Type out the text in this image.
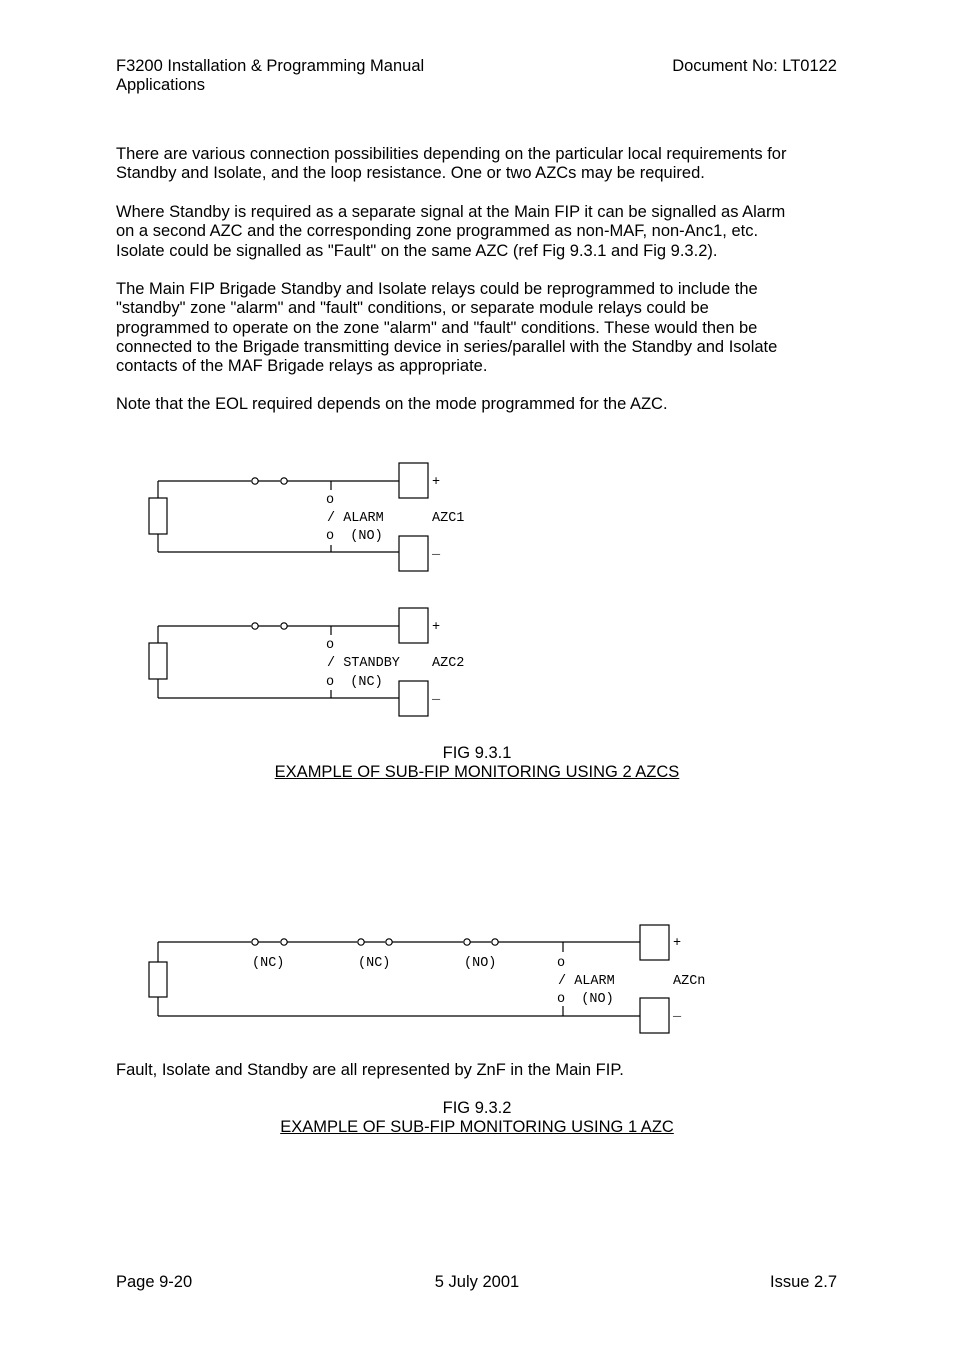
F3200 Installation & Programming Manual
Applications
Document No: LT0122
There are various connection possibilities depending on the particular local requirements for
Standby and Isolate, and the loop resistance. One or two AZCs may be required.
Where Standby is required as a separate signal at the Main FIP it can be signalled as Alarm
on a second AZC and the corresponding zone programmed as non-MAF, non-Anc1, etc.
Isolate could be signalled as "Fault" on the same AZC (ref Fig 9.3.1 and Fig 9.3.2).
The Main FIP Brigade Standby and Isolate relays could be reprogrammed to include the
"standby" zone "alarm" and "fault" conditions, or separate module relays could be
programmed to operate on the zone "alarm" and "fault" conditions. These would then be
connected to the Brigade transmitting device in series/parallel with the Standby and Isolate
contacts of the MAF Brigade relays as appropriate.
Note that the EOL required depends on the mode programmed for the AZC.
+
o
/ ALARM	AZC1
o  (NO)
_
+
o
/ STANDBY AZC2
o  (NC)
_
(NC)	(NC)	(NO)
+
o
/ ALARM	AZCn
o  (NO)
_
FIG 9.3.1
EXAMPLE OF SUB-FIP MONITORING USING 2 AZCS
Fault, Isolate and Standby are all represented by ZnF in the Main FIP.
FIG 9.3.2
EXAMPLE OF SUB-FIP MONITORING USING 1 AZC
Page 9-20	5 July 2001	Issue 2.7
